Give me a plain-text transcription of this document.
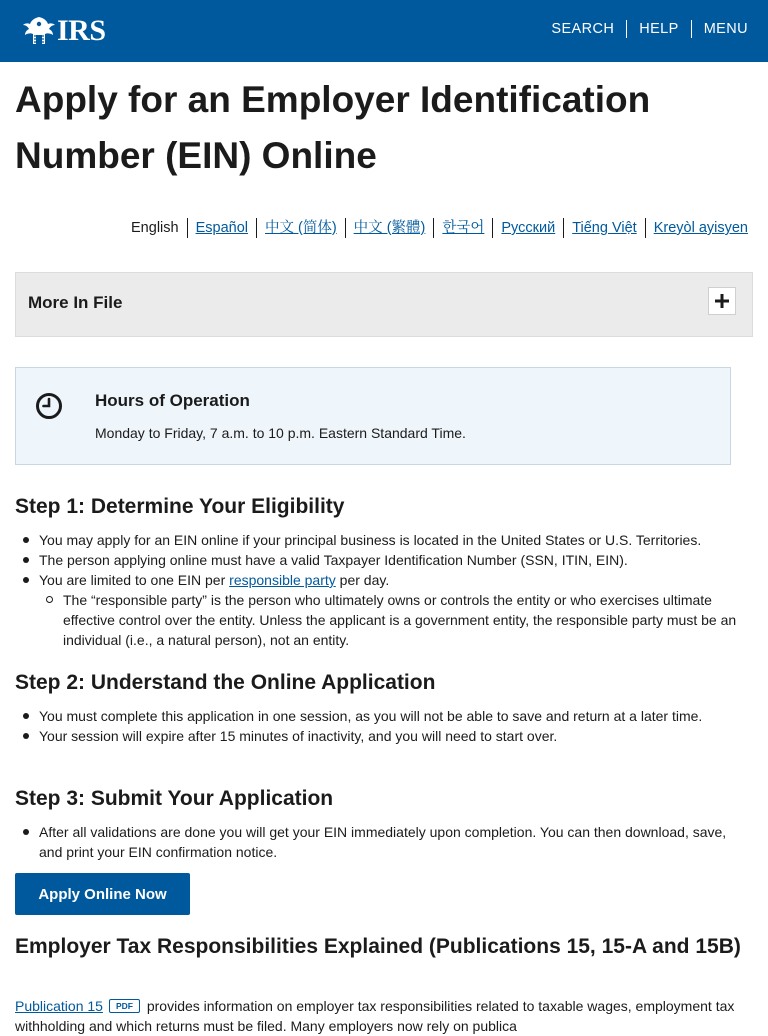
IRS	SEARCH	HELP	MENU
Apply for an Employer Identification Number (EIN) Online
English	Español	中文 (简体)	中文 (繁體)	한국어	Русский	Tiếng Việt	Kreyòl ayisyen
More In File
Hours of Operation
Monday to Friday, 7 a.m. to 10 p.m. Eastern Standard Time.
Step 1: Determine Your Eligibility
You may apply for an EIN online if your principal business is located in the United States or U.S. Territories.
The person applying online must have a valid Taxpayer Identification Number (SSN, ITIN, EIN).
You are limited to one EIN per responsible party per day.
The “responsible party” is the person who ultimately owns or controls the entity or who exercises ultimate effective control over the entity. Unless the applicant is a government entity, the responsible party must be an individual (i.e., a natural person), not an entity.
Step 2: Understand the Online Application
You must complete this application in one session, as you will not be able to save and return at a later time.
Your session will expire after 15 minutes of inactivity, and you will need to start over.
Step 3: Submit Your Application
After all validations are done you will get your EIN immediately upon completion. You can then download, save, and print your EIN confirmation notice.
Apply Online Now
Employer Tax Responsibilities Explained (Publications 15, 15-A and 15B)
Publication 15 PDF provides information on employer tax responsibilities related to taxable wages, employment tax withholding and which returns must be filed. Many employers now rely on publica
